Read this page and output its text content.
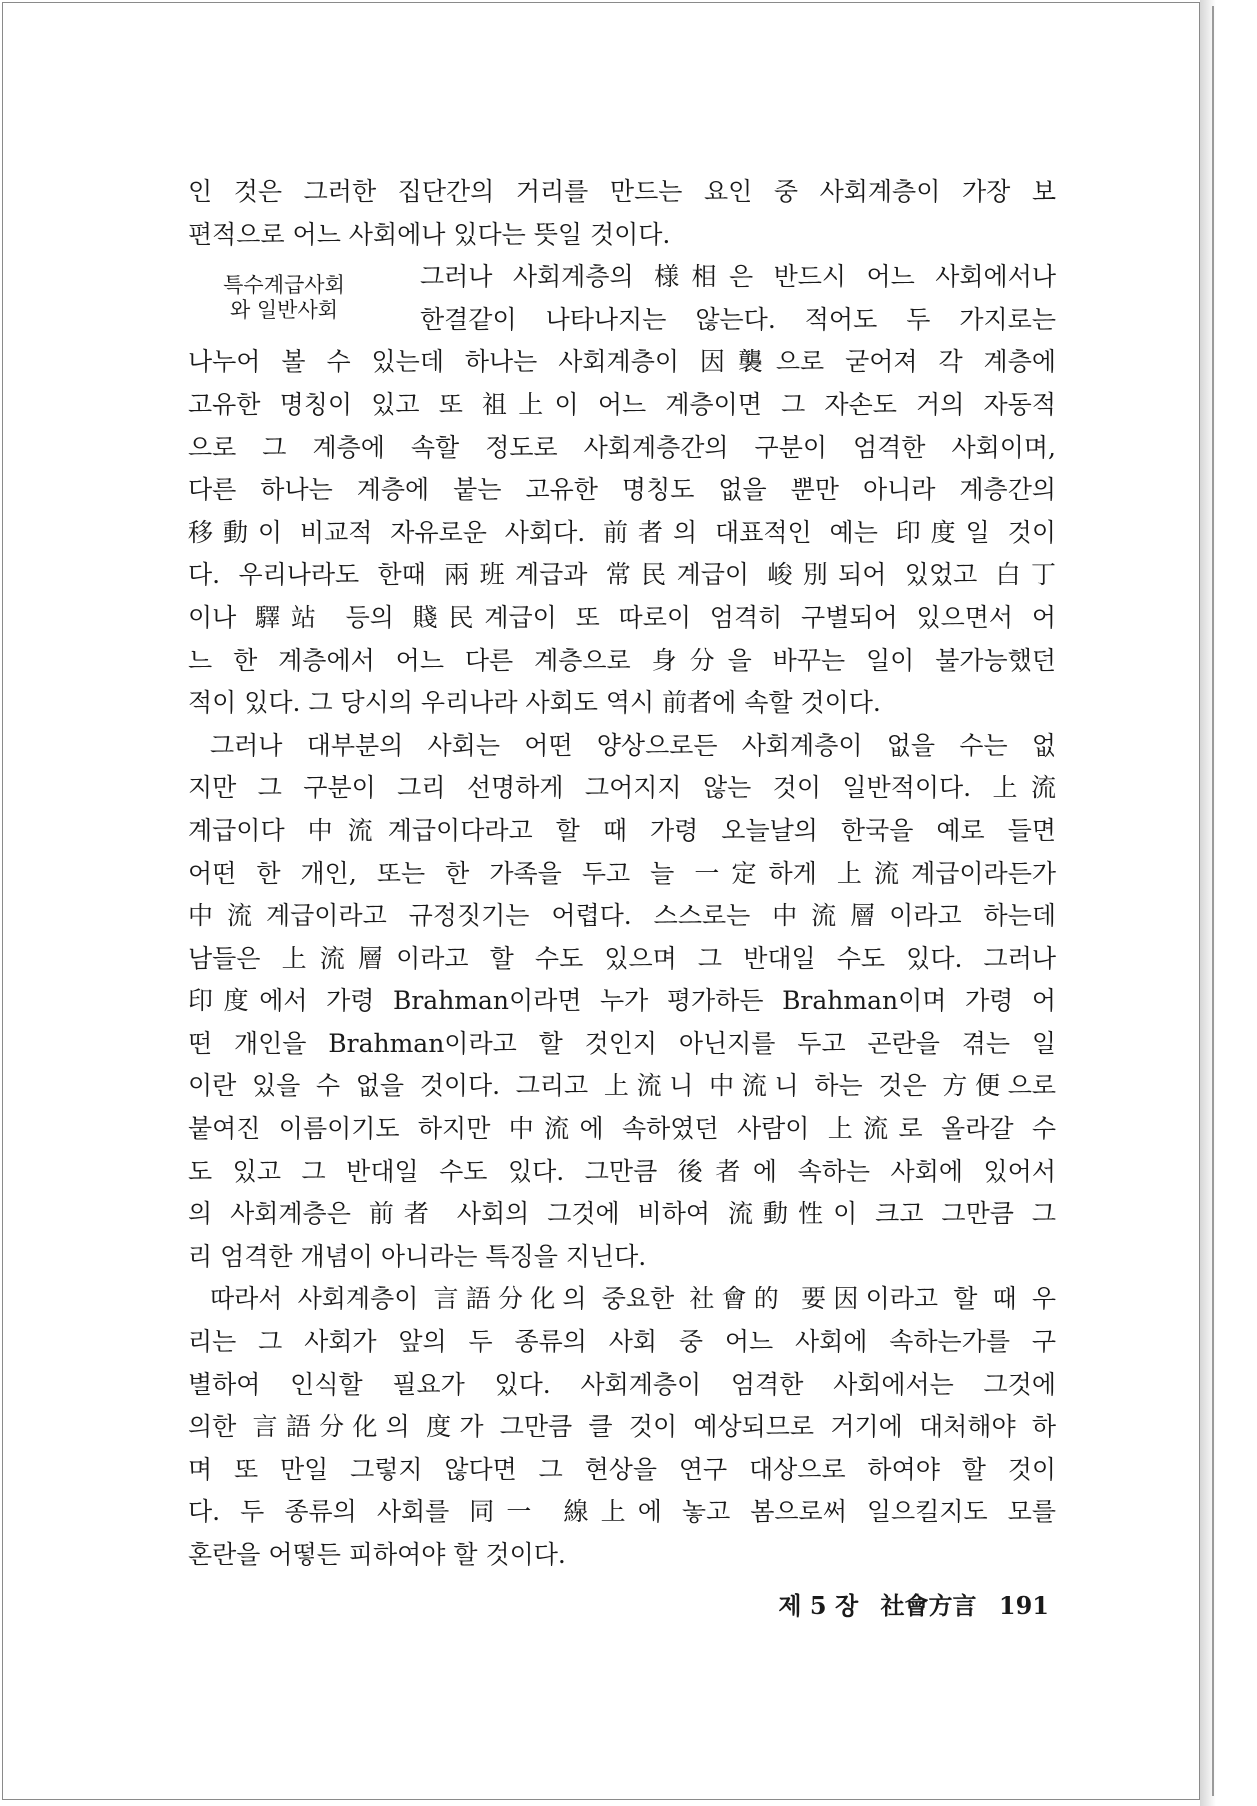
특수계급사회
와 일반사회
인 것은 그러한 집단간의 거리를 만드는 요인 중 사회계층이 가장 보
편적으로 어느 사회에나 있다는 뜻일 것이다.
그러나 사회계층의 様相은 반드시 어느 사회에서나
한결같이 나타나지는 않는다. 적어도 두 가지로는
나누어 볼 수 있는데 하나는 사회계층이 因襲으로 굳어져 각 계층에
고유한 명칭이 있고 또 祖上이 어느 계층이면 그 자손도 거의 자동적
으로 그 계층에 속할 정도로 사회계층간의 구분이 엄격한 사회이며,
다른 하나는 계층에 붙는 고유한 명칭도 없을 뿐만 아니라 계층간의
移動이 비교적 자유로운 사회다. 前者의 대표적인 예는 印度일 것이
다. 우리나라도 한때 兩班계급과 常民계급이 峻別되어 있었고 白丁
이나 驛站 등의 賤民계급이 또 따로이 엄격히 구별되어 있으면서 어
느 한 계층에서 어느 다른 계층으로 身分을 바꾸는 일이 불가능했던
적이 있다. 그 당시의 우리나라 사회도 역시 前者에 속할 것이다.
그러나 대부분의 사회는 어떤 양상으로든 사회계층이 없을 수는 없
지만 그 구분이 그리 선명하게 그어지지 않는 것이 일반적이다. 上流
계급이다 中流계급이다라고 할 때 가령 오늘날의 한국을 예로 들면
어떤 한 개인, 또는 한 가족을 두고 늘 一定하게 上流계급이라든가
中流계급이라고 규정짓기는 어렵다. 스스로는 中流層이라고 하는데
남들은 上流層이라고 할 수도 있으며 그 반대일 수도 있다. 그러나
印度에서 가령 Brahman이라면 누가 평가하든 Brahman이며 가령 어
떤 개인을 Brahman이라고 할 것인지 아닌지를 두고 곤란을 겪는 일
이란 있을 수 없을 것이다. 그리고 上流니 中流니 하는 것은 方便으로
붙여진 이름이기도 하지만 中流에 속하였던 사람이 上流로 올라갈 수
도 있고 그 반대일 수도 있다. 그만큼 後者에 속하는 사회에 있어서
의 사회계층은 前者 사회의 그것에 비하여 流動性이 크고 그만큼 그
리 엄격한 개념이 아니라는 특징을 지닌다.
따라서 사회계층이 言語分化의 중요한 社會的 要因이라고 할 때 우
리는 그 사회가 앞의 두 종류의 사회 중 어느 사회에 속하는가를 구
별하여 인식할 필요가 있다. 사회계층이 엄격한 사회에서는 그것에
의한 言語分化의 度가 그만큼 클 것이 예상되므로 거기에 대처해야 하
며 또 만일 그렇지 않다면 그 현상을 연구 대상으로 하여야 할 것이
다. 두 종류의 사회를 同一 線上에 놓고 봄으로써 일으킬지도 모를
혼란을 어떻든 피하여야 할 것이다.
제 5 장 社會方言 191
